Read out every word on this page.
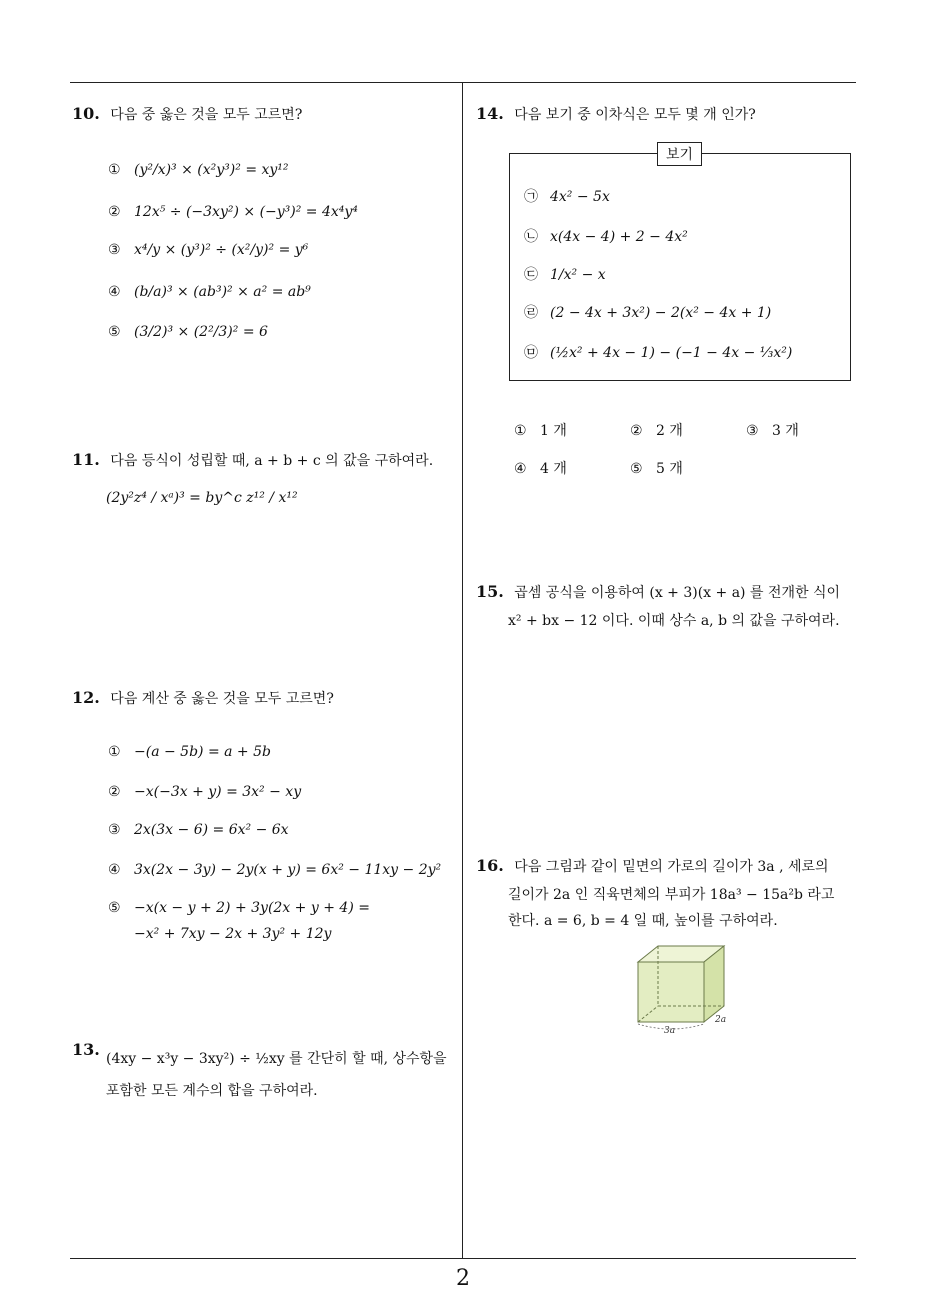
2
10. 다음 중 옳은 것을 모두 고르면?
① (y²/x)³ × (x²y³)² = xy¹²
② 12x⁵ ÷ (−3xy²) × (−y³)² = 4x⁴y⁴
③ x⁴/y × (y³)² ÷ (x²/y)² = y⁶
④ (b/a)³ × (ab³)² × a² = ab⁹
⑤ (3/2)³ × (2²/3)² = 6
11. 다음 등식이 성립할 때, a + b + c 의 값을 구하여라.
(2y²z⁴ / xᵃ)³ = by^c z¹² / x¹²
12. 다음 계산 중 옳은 것을 모두 고르면?
① −(a − 5b) = a + 5b
② −x(−3x + y) = 3x² − xy
③ 2x(3x − 6) = 6x² − 6x
④ 3x(2x − 3y) − 2y(x + y) = 6x² − 11xy − 2y²
⑤ −x(x − y + 2) + 3y(2x + y + 4) =
−x² + 7xy − 2x + 3y² + 12y
13. (4xy − x³y − 3xy²) ÷ ½xy 를 간단히 할 때, 상수항을
포함한 모든 계수의 합을 구하여라.
14. 다음 보기 중 이차식은 모두 몇 개 인가?
보기
㉠ 4x² − 5x
㉡ x(4x − 4) + 2 − 4x²
㉢ 1/x² − x
㉣ (2 − 4x + 3x²) − 2(x² − 4x + 1)
㉤ (½x² + 4x − 1) − (−1 − 4x − ⅓x²)
① 1 개	② 2 개	③ 3 개
④ 4 개	⑤ 5 개
15. 곱셈 공식을 이용하여 (x + 3)(x + a) 를 전개한 식이
x² + bx − 12 이다. 이때 상수 a, b 의 값을 구하여라.
16. 다음 그림과 같이 밑면의 가로의 길이가 3a , 세로의
길이가 2a 인 직육면체의 부피가 18a³ − 15a²b 라고
한다. a = 6, b = 4 일 때, 높이를 구하여라.
3a
2a
